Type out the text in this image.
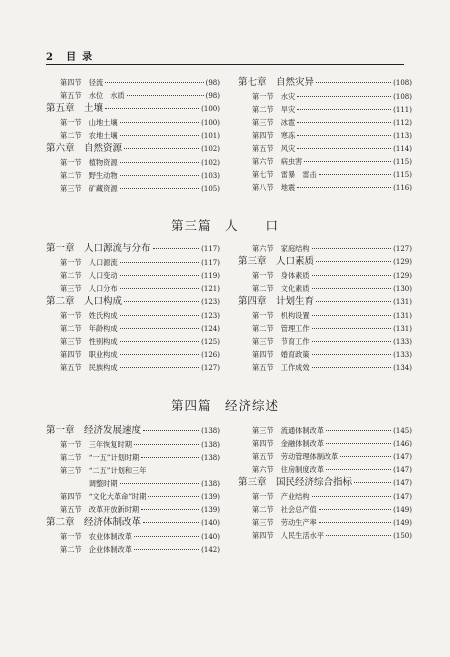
2 目录
第四节　径流	(98)
第五节　水位　水质	(98)
第五章　土壤	(100)
第一节　山地土壤	(100)
第二节　农地土壤	(101)
第六章　自然资源	(102)
第一节　植物资源	(102)
第二节　野生动物	(103)
第三节　矿藏资源	(105)
第七章　自然灾异	(108)
第一节　水灾	(108)
第二节　旱灾	(111)
第三节　冰雹	(112)
第四节　寒冻	(113)
第五节　风灾	(114)
第六节　病虫害	(115)
第七节　雷暴　雷击	(115)
第八节　地震	(116)
第三篇　人　　口
第一章　人口源流与分布	(117)
第一节　人口源流	(117)
第二节　人口变动	(119)
第三节　人口分布	(121)
第二章　人口构成	(123)
第一节　姓氏构成	(123)
第二节　年龄构成	(124)
第三节　性别构成	(125)
第四节　职业构成	(126)
第五节　民族构成	(127)
第六节　家庭结构	(127)
第三章　人口素质	(129)
第一节　身体素质	(129)
第二节　文化素质	(130)
第四章　计划生育	(131)
第一节　机构设置	(131)
第二节　管理工作	(131)
第三节　节育工作	(133)
第四节　婚育政策	(133)
第五节　工作成效	(134)
第四篇　经济综述
第一章　经济发展速度	(138)
第一节　三年恢复时期	(138)
第二节　“一五”计划时期	(138)
第三节　“二五”计划和三年
　　　　调整时期	(138)
第四节　“文化大革命”时期	(139)
第五节　改革开放新时期	(139)
第二章　经济体制改革	(140)
第一节　农业体制改革	(140)
第二节　企业体制改革	(142)
第三节　流通体制改革	(145)
第四节　金融体制改革	(146)
第五节　劳动管理体制改革	(147)
第六节　住房制度改革	(147)
第三章　国民经济综合指标	(147)
第一节　产业结构	(147)
第二节　社会总产值	(149)
第三节　劳动生产率	(149)
第四节　人民生活水平	(150)
